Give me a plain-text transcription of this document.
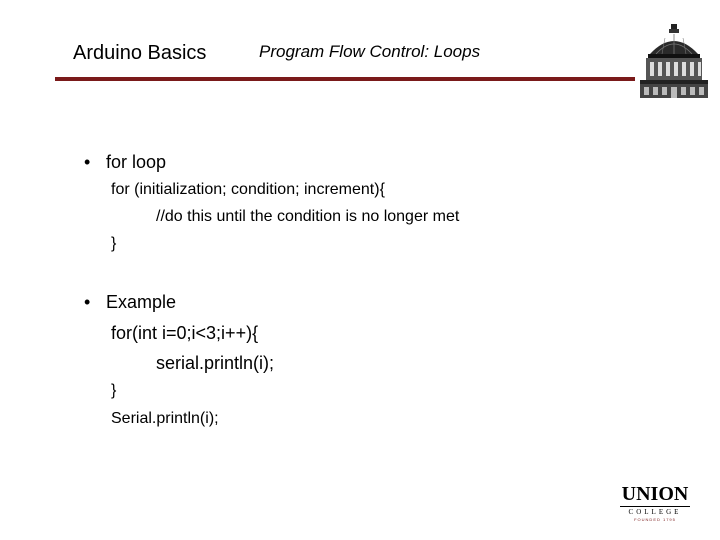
Arduino Basics	Program Flow Control: Loops
• for loop
for (initialization; condition; increment){
//do this until the condition is no longer met
}
• Example
for(int i=0;i<3;i++){
serial.println(i);
}
Serial.println(i);
UNION
COLLEGE
FOUNDED 1795
